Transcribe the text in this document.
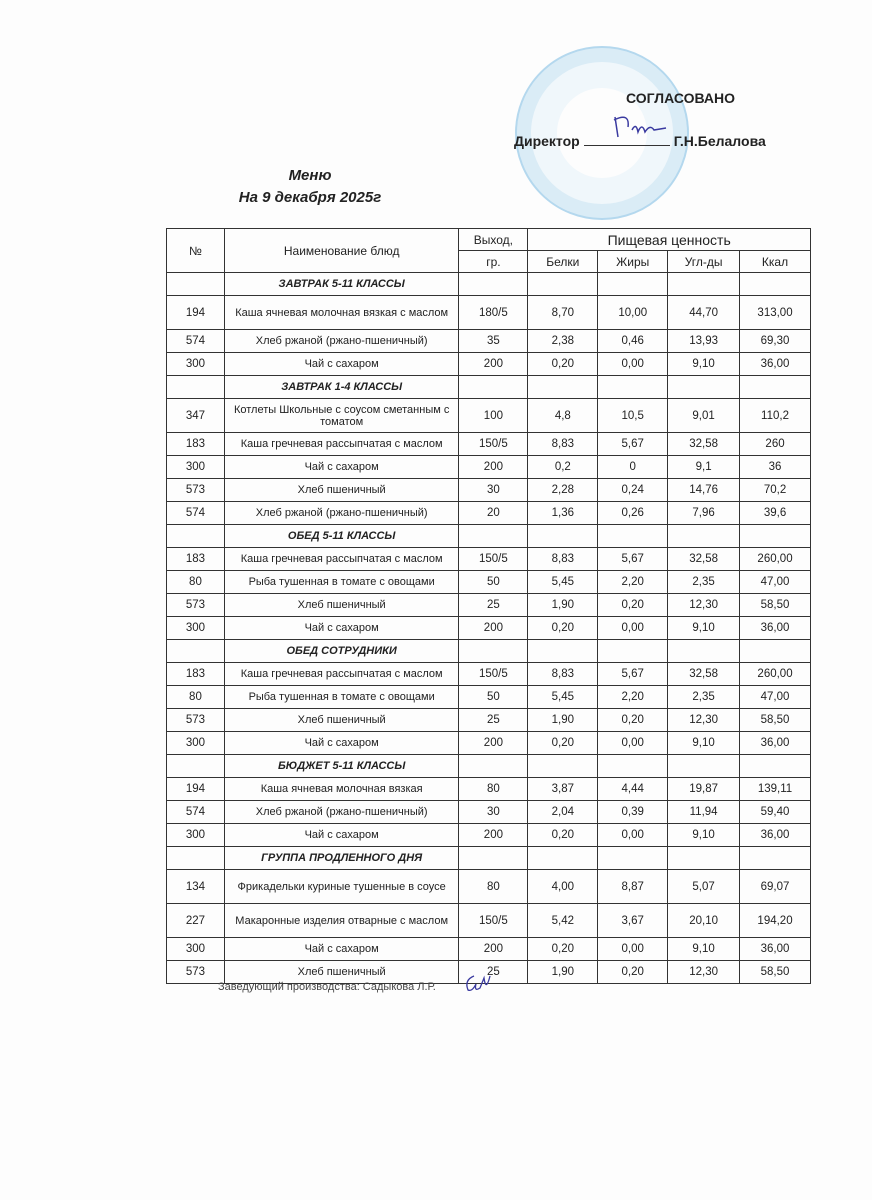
СОГЛАСОВАНО
Директор	Г.Н.Белалова
Меню
На 9 декабря 2025г
№	Наименование блюд	Выход,	Пищевая ценность			
		гр.	Белки	Жиры	Угл-ды	Ккал
	ЗАВТРАК 5-11 КЛАССЫ					
194	Каша ячневая молочная вязкая с маслом	180/5	8,70	10,00	44,70	313,00
574	Хлеб ржаной (ржано-пшеничный)	35	2,38	0,46	13,93	69,30
300	Чай с сахаром	200	0,20	0,00	9,10	36,00
	ЗАВТРАК 1-4 КЛАССЫ					
347	Котлеты Школьные с соусом сметанным с томатом	100	4,8	10,5	9,01	110,2
183	Каша гречневая рассыпчатая с маслом	150/5	8,83	5,67	32,58	260
300	Чай с сахаром	200	0,2	0	9,1	36
573	Хлеб пшеничный	30	2,28	0,24	14,76	70,2
574	Хлеб ржаной (ржано-пшеничный)	20	1,36	0,26	7,96	39,6
	ОБЕД 5-11 КЛАССЫ					
183	Каша гречневая рассыпчатая с маслом	150/5	8,83	5,67	32,58	260,00
80	Рыба тушенная в томате с овощами	50	5,45	2,20	2,35	47,00
573	Хлеб пшеничный	25	1,90	0,20	12,30	58,50
300	Чай с сахаром	200	0,20	0,00	9,10	36,00
	ОБЕД СОТРУДНИКИ					
183	Каша гречневая рассыпчатая с маслом	150/5	8,83	5,67	32,58	260,00
80	Рыба тушенная в томате с овощами	50	5,45	2,20	2,35	47,00
573	Хлеб пшеничный	25	1,90	0,20	12,30	58,50
300	Чай с сахаром	200	0,20	0,00	9,10	36,00
	БЮДЖЕТ 5-11 КЛАССЫ					
194	Каша ячневая молочная вязкая	80	3,87	4,44	19,87	139,11
574	Хлеб ржаной (ржано-пшеничный)	30	2,04	0,39	11,94	59,40
300	Чай с сахаром	200	0,20	0,00	9,10	36,00
	ГРУППА ПРОДЛЕННОГО ДНЯ					
134	Фрикадельки куриные тушенные в соусе	80	4,00	8,87	5,07	69,07
227	Макаронные изделия отварные с маслом	150/5	5,42	3,67	20,10	194,20
300	Чай с сахаром	200	0,20	0,00	9,10	36,00
573	Хлеб пшеничный	25	1,90	0,20	12,30	58,50
Заведующий производства: Садыкова Л.Р.
